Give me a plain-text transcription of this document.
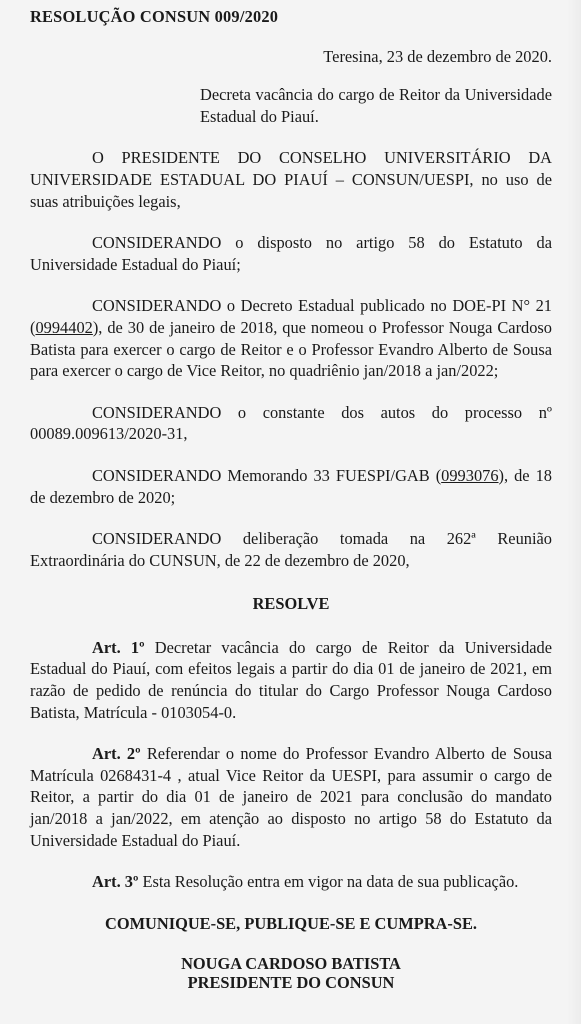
RESOLUÇÃO CONSUN 009/2020

Teresina, 23 de dezembro de 2020.

Decreta vacância do cargo de Reitor da Universidade Estadual do Piauí.

O PRESIDENTE DO CONSELHO UNIVERSITÁRIO DA UNIVERSIDADE ESTADUAL DO PIAUÍ – CONSUN/UESPI, no uso de suas atribuições legais,

CONSIDERANDO o disposto no artigo 58 do Estatuto da Universidade Estadual do Piauí;

CONSIDERANDO o Decreto Estadual publicado no DOE-PI N° 21 (0994402), de 30 de janeiro de 2018, que nomeou o Professor Nouga Cardoso Batista para exercer o cargo de Reitor e o Professor Evandro Alberto de Sousa para exercer o cargo de Vice Reitor, no quadriênio jan/2018 a jan/2022;

CONSIDERANDO o constante dos autos do processo nº 00089.009613/2020-31,

CONSIDERANDO Memorando 33 FUESPI/GAB (0993076), de 18 de dezembro de 2020;

CONSIDERANDO deliberação tomada na 262ª Reunião Extraordinária do CUNSUN, de 22 de dezembro de 2020,

RESOLVE

Art. 1º Decretar vacância do cargo de Reitor da Universidade Estadual do Piauí, com efeitos legais a partir do dia 01 de janeiro de 2021, em razão de pedido de renúncia do titular do Cargo Professor Nouga Cardoso Batista, Matrícula - 0103054-0.

Art. 2º Referendar o nome do Professor Evandro Alberto de Sousa Matrícula 0268431-4 , atual Vice Reitor da UESPI, para assumir o cargo de Reitor, a partir do dia 01 de janeiro de 2021 para conclusão do mandato jan/2018 a jan/2022, em atenção ao disposto no artigo 58 do Estatuto da Universidade Estadual do Piauí.

Art. 3º Esta Resolução entra em vigor na data de sua publicação.

COMUNIQUE-SE, PUBLIQUE-SE E CUMPRA-SE.

NOUGA CARDOSO BATISTA

PRESIDENTE DO CONSUN
